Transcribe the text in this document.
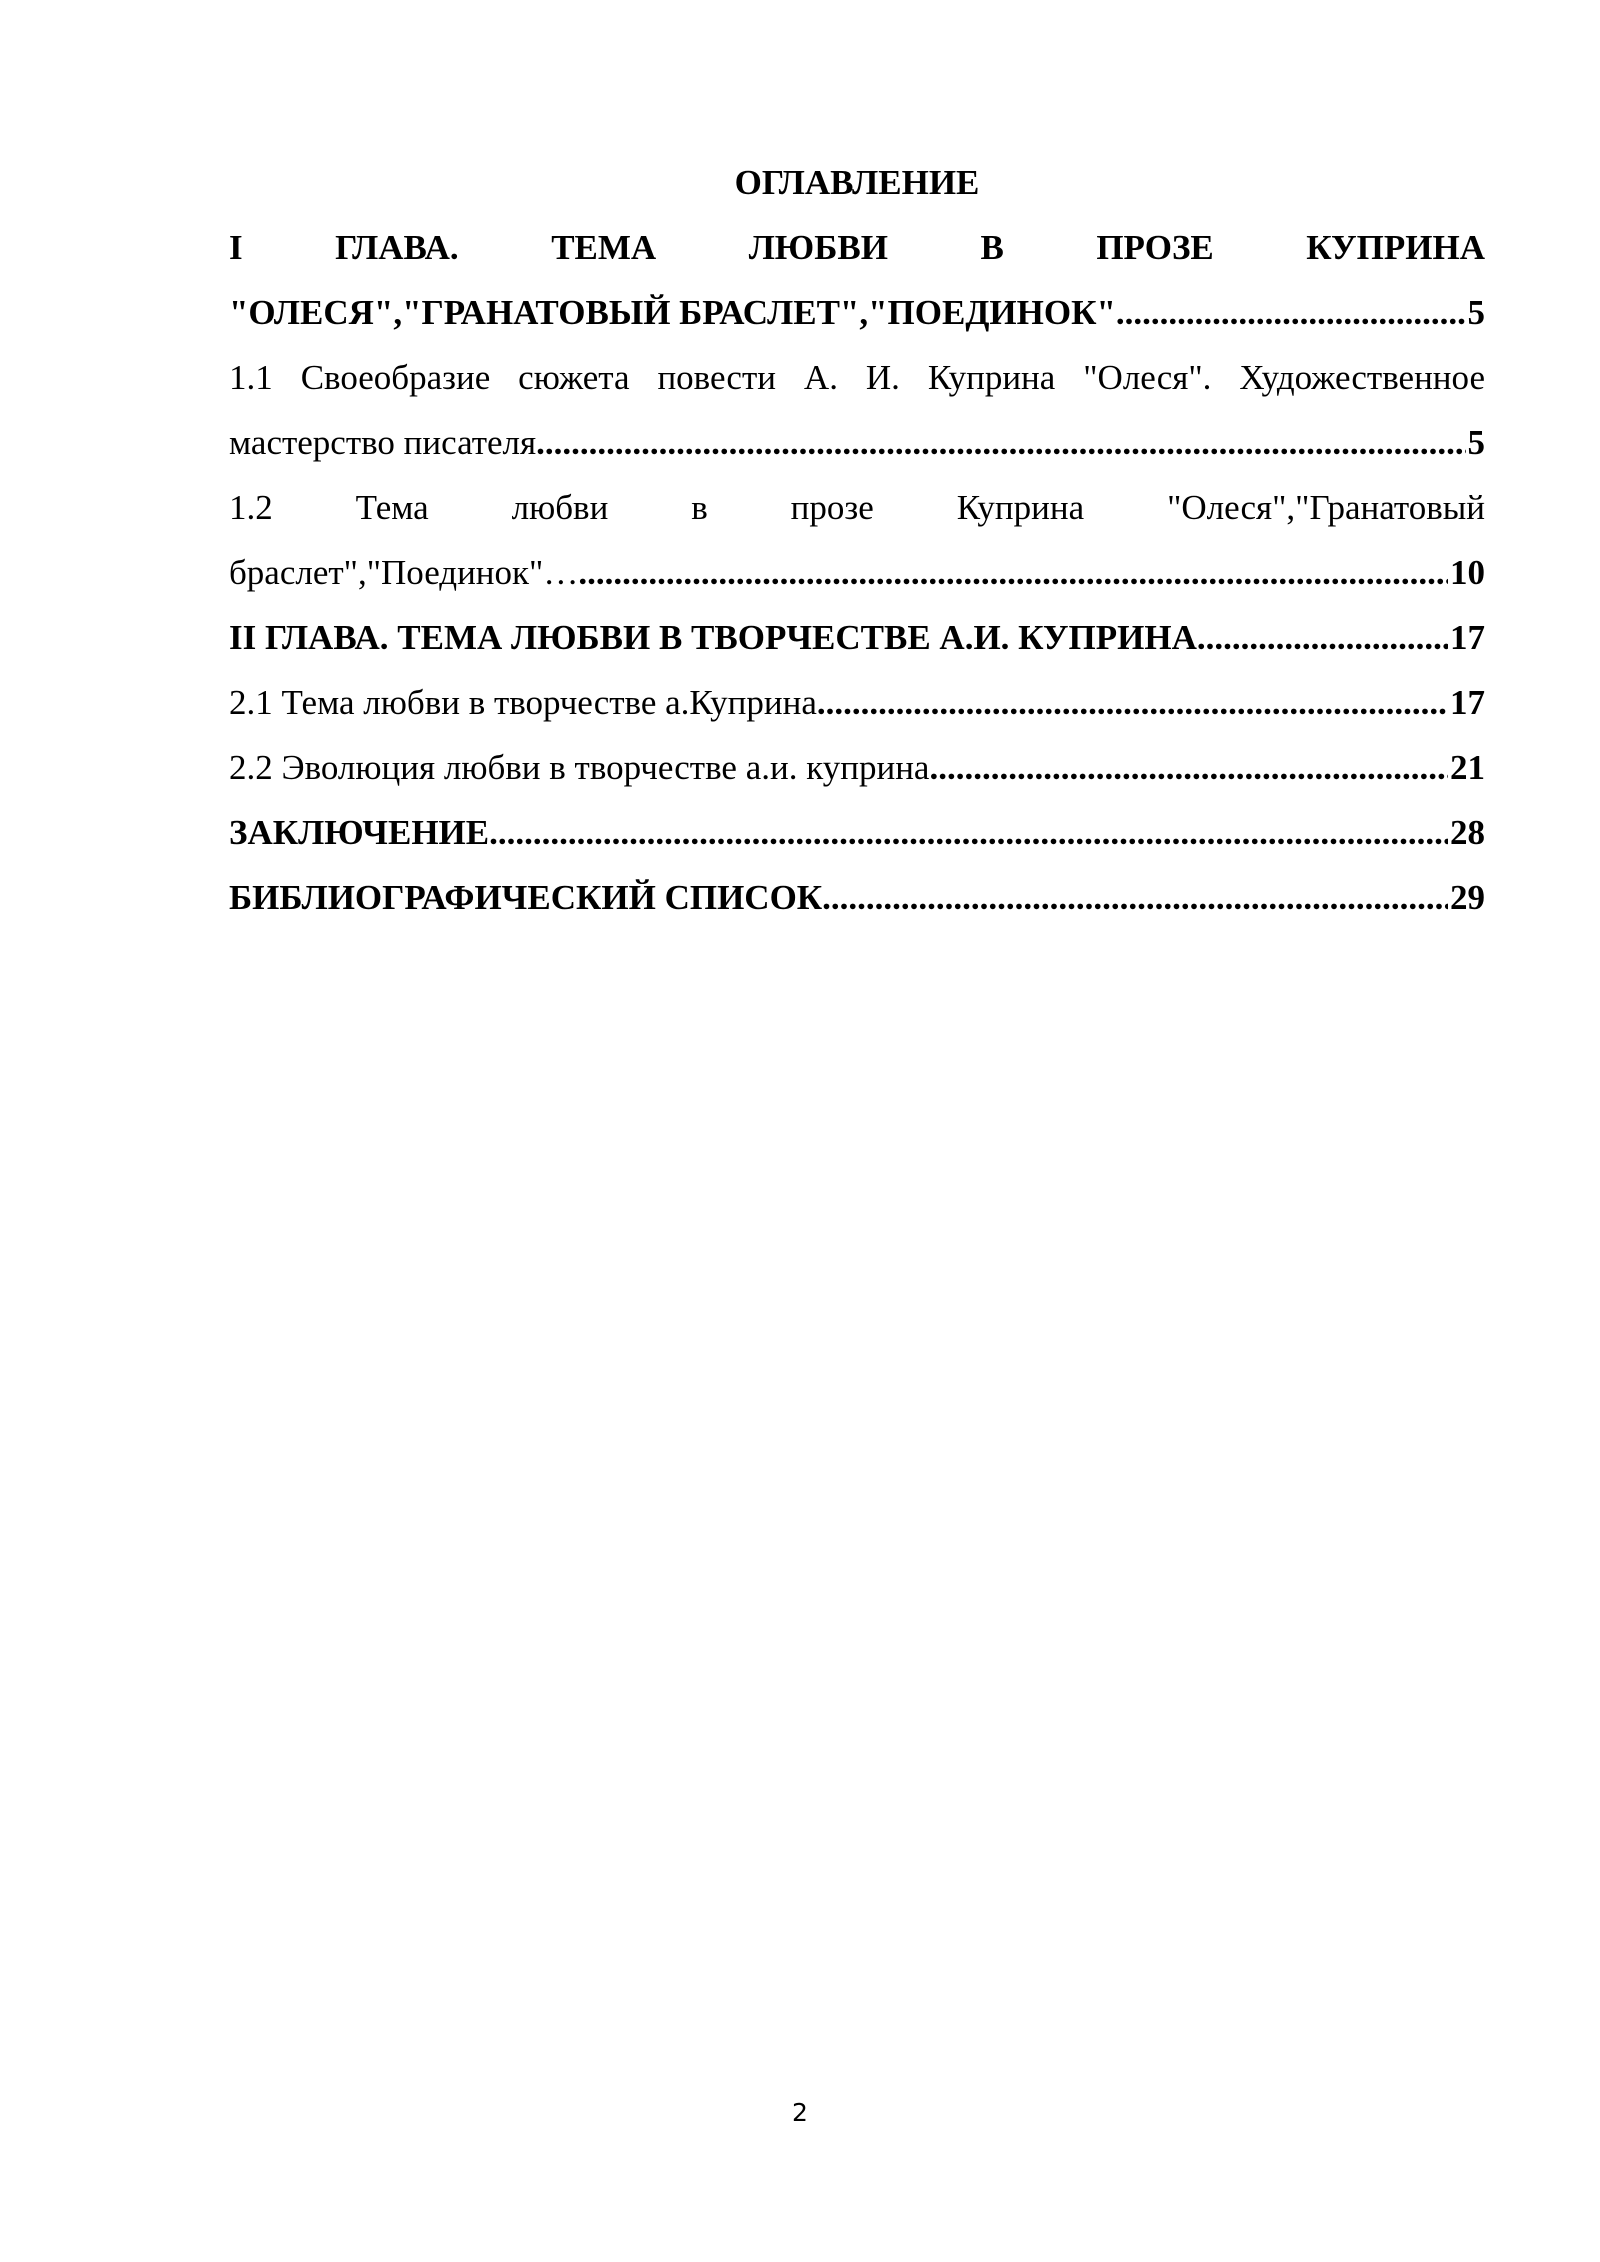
ОГЛАВЛЕНИЕ
I ГЛАВА. ТЕМА ЛЮБВИ В ПРОЗЕ КУПРИНА
"ОЛЕСЯ","ГРАНАТОВЫЙ БРАСЛЕТ","ПОЕДИНОК" .....	5
1.1 Своеобразие сюжета повести А. И. Куприна "Олеся". Художественное
мастерство писателя .....	5
1.2 Тема любви в прозе Куприна "Олеся","Гранатовый
браслет","Поединок"… .....	10
II ГЛАВА. ТЕМА ЛЮБВИ В ТВОРЧЕСТВЕ А.И. КУПРИНА .....	17
2.1 Тема любви в творчестве а.Куприна .....	17
2.2 Эволюция любви в творчестве а.и. куприна .....	21
ЗАКЛЮЧЕНИЕ .....	28
БИБЛИОГРАФИЧЕСКИЙ СПИСОК .....	29
2
